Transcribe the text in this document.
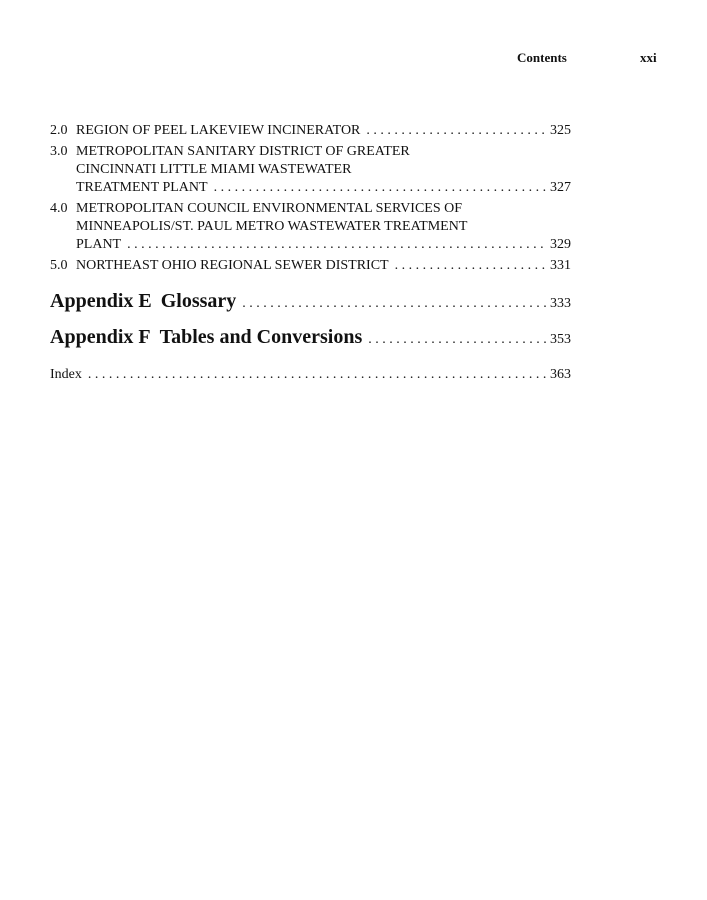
Contents	xxi
2.0 REGION OF PEEL LAKEVIEW INCINERATOR . . .	325
3.0 METROPOLITAN SANITARY DISTRICT OF GREATER
CINCINNATI LITTLE MIAMI WASTEWATER
TREATMENT PLANT . . .	327
4.0 METROPOLITAN COUNCIL ENVIRONMENTAL SERVICES OF
MINNEAPOLIS/ST. PAUL METRO WASTEWATER TREATMENT
PLANT . . .	329
5.0 NORTHEAST OHIO REGIONAL SEWER DISTRICT . . .	331
Appendix E Glossary . . .	333
Appendix F Tables and Conversions . . .	353
Index . . .	363
